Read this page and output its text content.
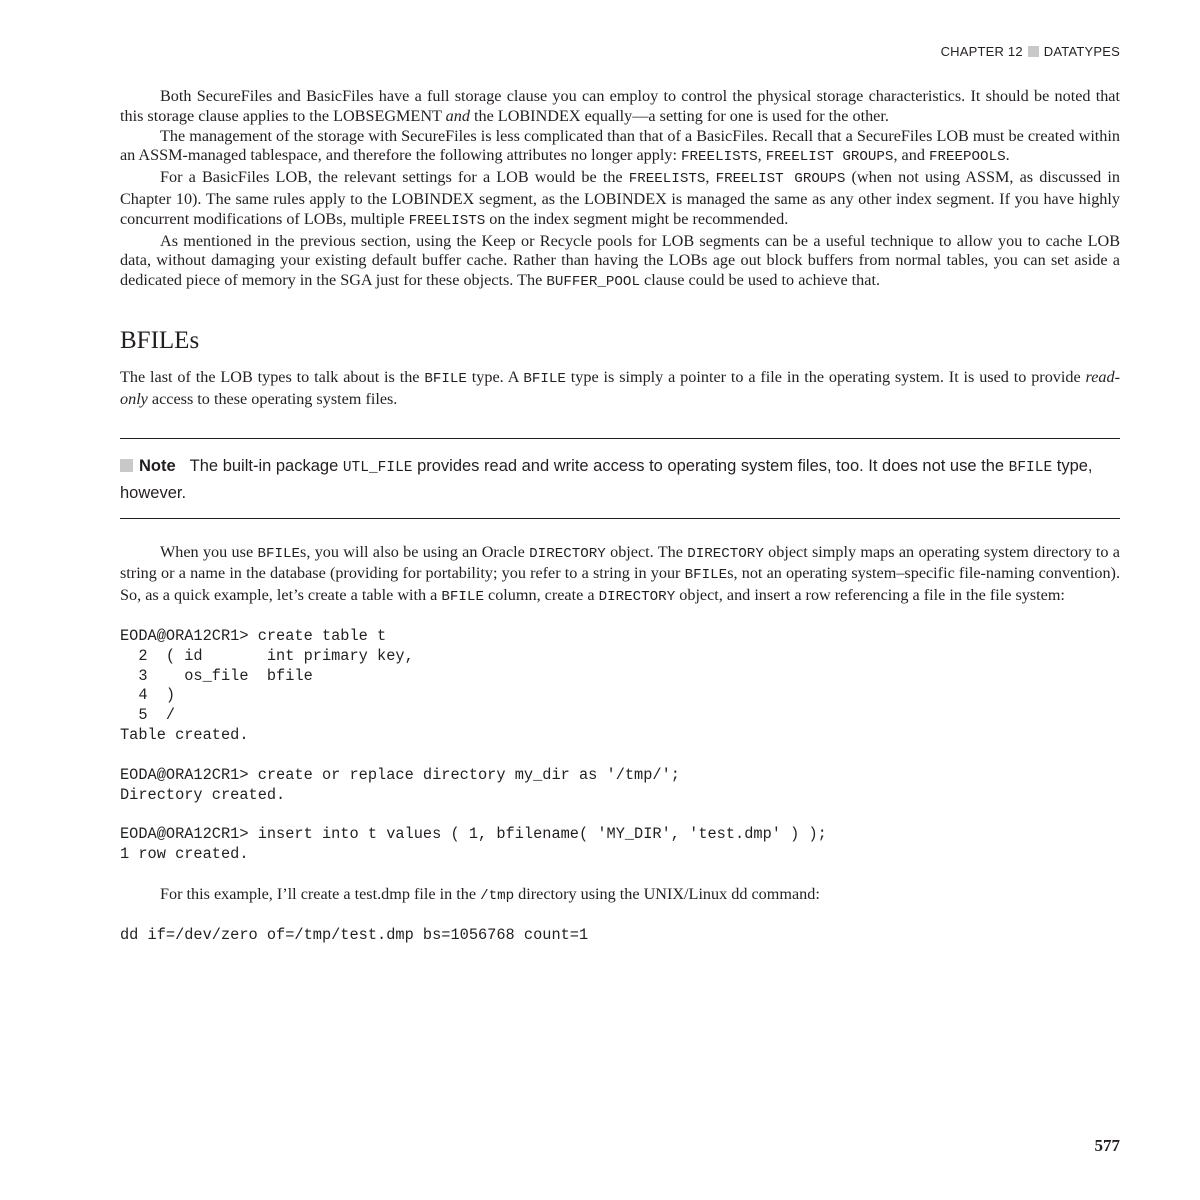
CHAPTER 12 DATATYPES

Both SecureFiles and BasicFiles have a full storage clause you can employ to control the physical storage characteristics. It should be noted that this storage clause applies to the LOBSEGMENT and the LOBINDEX equally—a setting for one is used for the other.

The management of the storage with SecureFiles is less complicated than that of a BasicFiles. Recall that a SecureFiles LOB must be created within an ASSM-managed tablespace, and therefore the following attributes no longer apply: FREELISTS, FREELIST GROUPS, and FREEPOOLS.

For a BasicFiles LOB, the relevant settings for a LOB would be the FREELISTS, FREELIST GROUPS (when not using ASSM, as discussed in Chapter 10). The same rules apply to the LOBINDEX segment, as the LOBINDEX is managed the same as any other index segment. If you have highly concurrent modifications of LOBs, multiple FREELISTS on the index segment might be recommended.

As mentioned in the previous section, using the Keep or Recycle pools for LOB segments can be a useful technique to allow you to cache LOB data, without damaging your existing default buffer cache. Rather than having the LOBs age out block buffers from normal tables, you can set aside a dedicated piece of memory in the SGA just for these objects. The BUFFER_POOL clause could be used to achieve that.

BFILEs

The last of the LOB types to talk about is the BFILE type. A BFILE type is simply a pointer to a file in the operating system. It is used to provide read-only access to these operating system files.

Note The built-in package UTL_FILE provides read and write access to operating system files, too. It does not use the BFILE type, however.

When you use BFILEs, you will also be using an Oracle DIRECTORY object. The DIRECTORY object simply maps an operating system directory to a string or a name in the database (providing for portability; you refer to a string in your BFILEs, not an operating system–specific file-naming convention). So, as a quick example, let’s create a table with a BFILE column, create a DIRECTORY object, and insert a row referencing a file in the file system:

EODA@ORA12CR1> create table t
2  ( id       int primary key,
3    os_file  bfile
4  )
5  /
Table created.
EODA@ORA12CR1> create or replace directory my_dir as '/tmp/';
Directory created.
EODA@ORA12CR1> insert into t values ( 1, bfilename( 'MY_DIR', 'test.dmp' ) );
1 row created.

For this example, I’ll create a test.dmp file in the /tmp directory using the UNIX/Linux dd command:

dd if=/dev/zero of=/tmp/test.dmp bs=1056768 count=1
577
